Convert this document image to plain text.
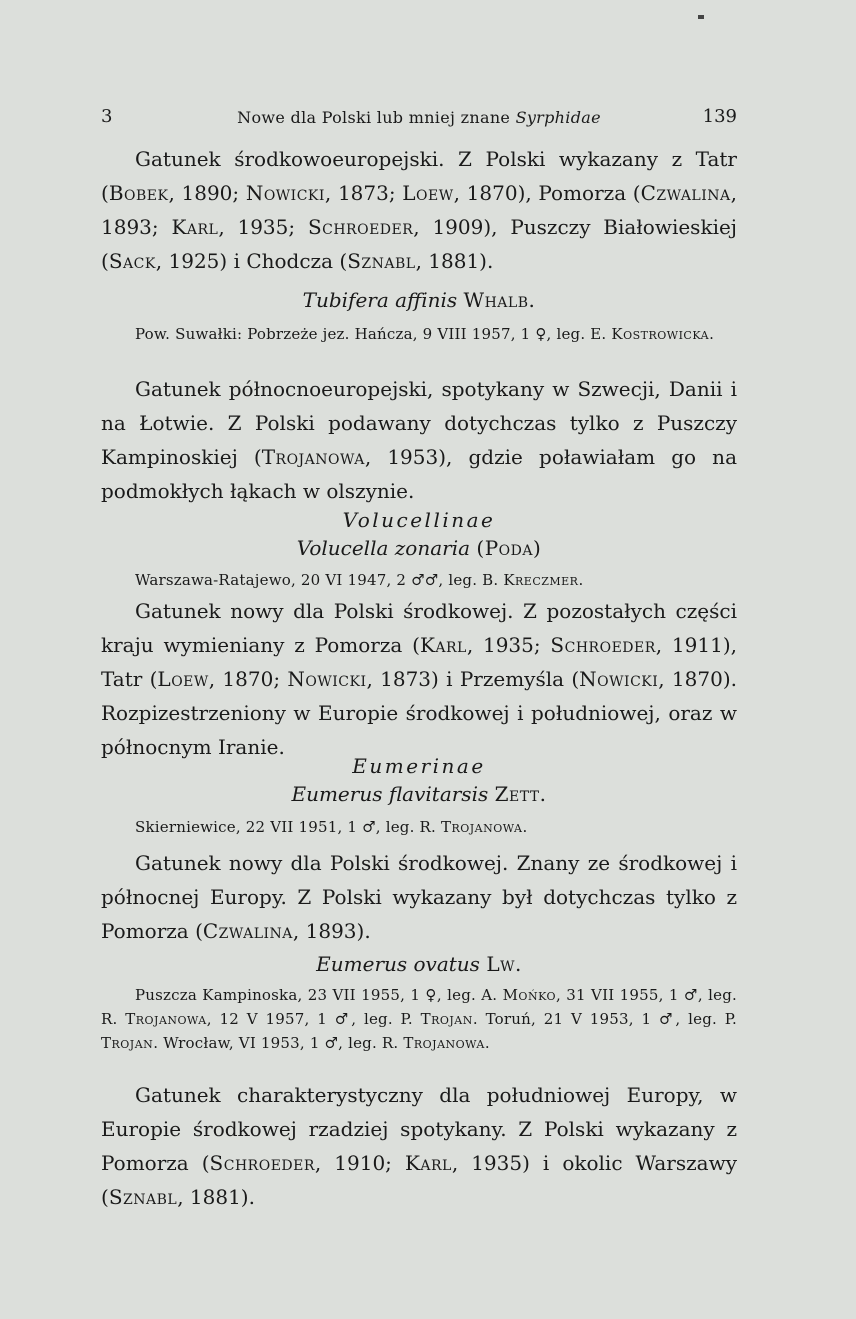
3	Nowe dla Polski lub mniej znane Syrphidae	139

Gatunek środkowoeuropejski. Z Polski wykazany z Tatr (Bobek, 1890; Nowicki, 1873; Loew, 1870), Pomorza (Czwalina, 1893; Karl, 1935; Schroeder, 1909), Puszczy Białowieskiej (Sack, 1925) i Chodcza (Sznabl, 1881).

Tubifera affinis Whalb.

Pow. Suwałki: Pobrzeże jez. Hańcza, 9 VIII 1957, 1 ♀, leg. E. Kostrowicka.

Gatunek północnoeuropejski, spotykany w Szwecji, Danii i na Łotwie. Z Polski podawany dotychczas tylko z Puszczy Kampinoskiej (Trojanowa, 1953), gdzie poławiałam go na podmokłych łąkach w olszynie.

Volucellinae
Volucella zonaria (Poda)

Warszawa-Ratajewo, 20 VI 1947, 2 ♂♂, leg. B. Kreczmer.

Gatunek nowy dla Polski środkowej. Z pozostałych części kraju wymieniany z Pomorza (Karl, 1935; Schroeder, 1911), Tatr (Loew, 1870; Nowicki, 1873) i Przemyśla (Nowicki, 1870). Rozpizestrzeniony w Europie środkowej i południowej, oraz w północnym Iranie.

Eumerinae
Eumerus flavitarsis Zett.

Skierniewice, 22 VII 1951, 1 ♂, leg. R. Trojanowa.

Gatunek nowy dla Polski środkowej. Znany ze środkowej i północnej Europy. Z Polski wykazany był dotychczas tylko z Pomorza (Czwalina, 1893).

Eumerus ovatus Lw.

Puszcza Kampinoska, 23 VII 1955, 1 ♀, leg. A. Mońko, 31 VII 1955, 1 ♂, leg. R. Trojanowa, 12 V 1957, 1 ♂, leg. P. Trojan. Toruń, 21 V 1953, 1 ♂, leg. P. Trojan. Wrocław, VI 1953, 1 ♂, leg. R. Trojanowa.

Gatunek charakterystyczny dla południowej Europy, w Europie środkowej rzadziej spotykany. Z Polski wykazany z Pomorza (Schroeder, 1910; Karl, 1935) i okolic Warszawy (Sznabl, 1881).
